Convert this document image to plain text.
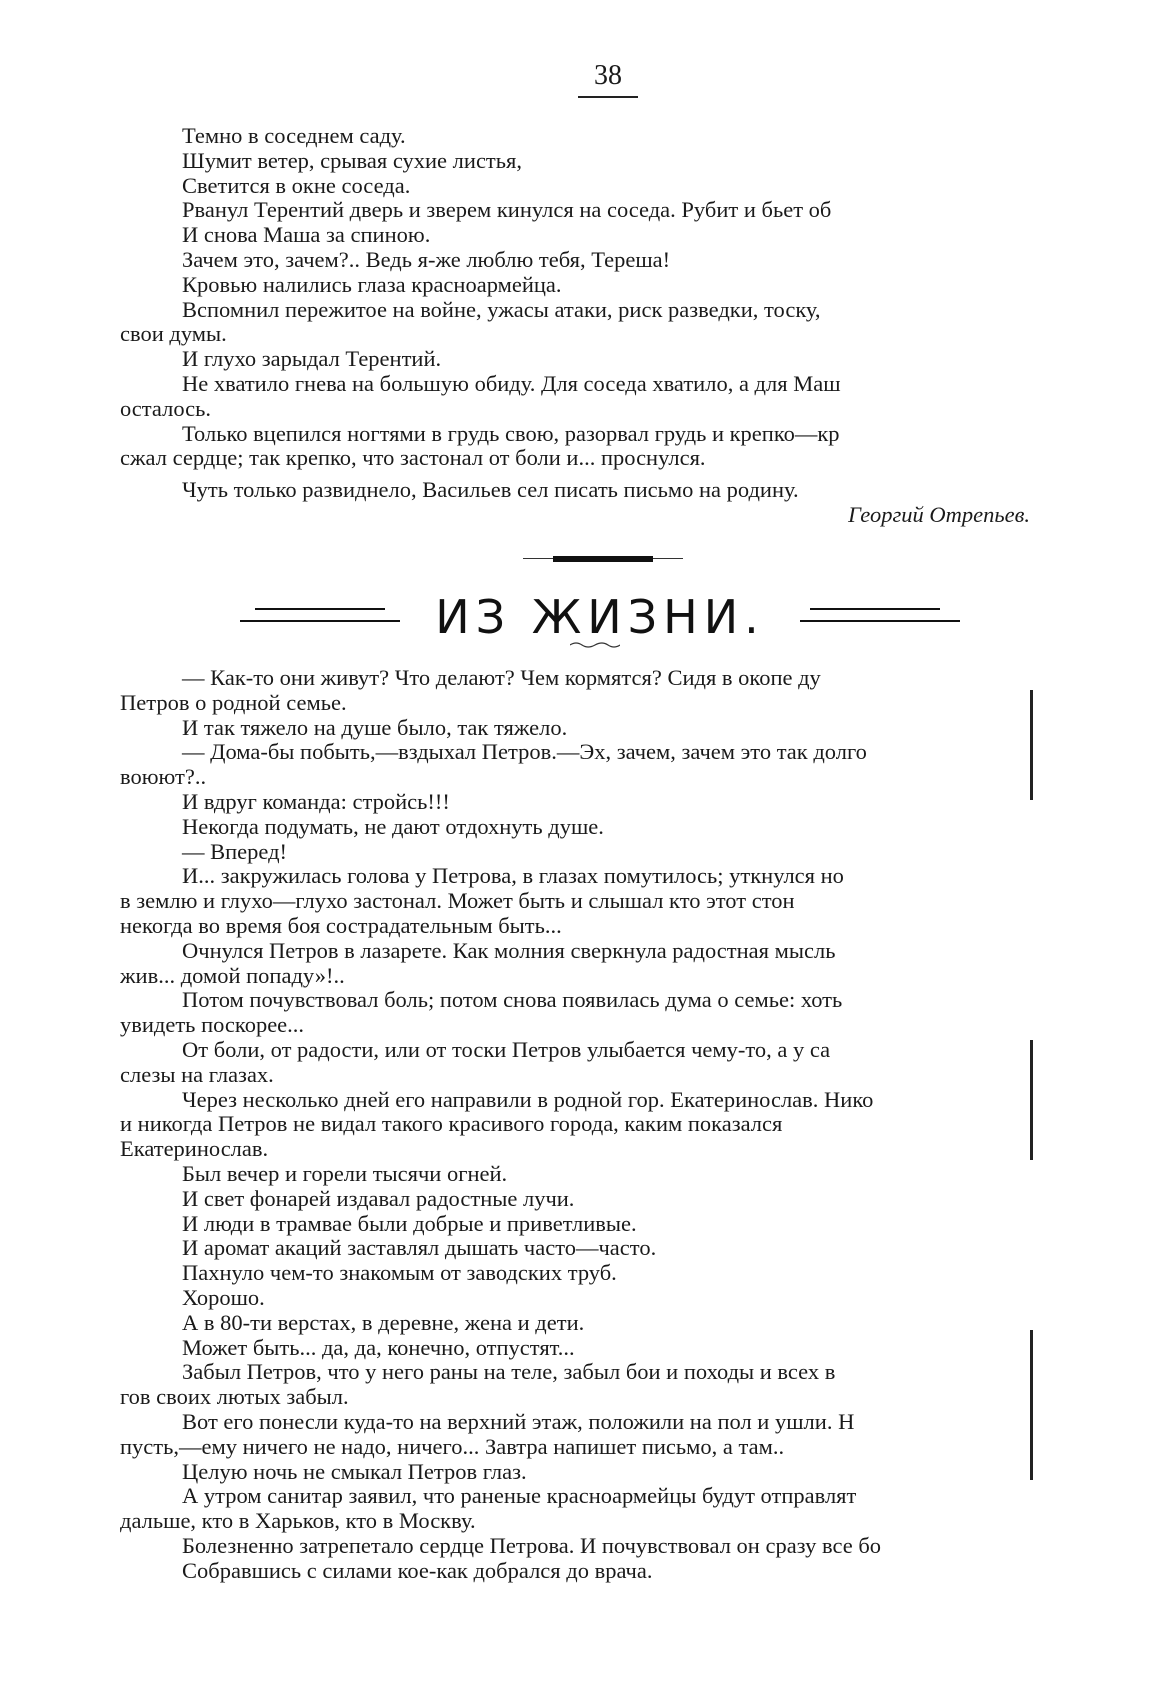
38

Темно в соседнем саду.

Шумит ветер, срывая сухие листья,

Светится в окне соседа.

Рванул Терентий дверь и зверем кинулся на соседа. Рубит и бьет об

И снова Маша за спиною.

Зачем это, зачем?.. Ведь я-же люблю тебя, Тереша!

Кровью налились глаза красноармейца.

Вспомнил пережитое на войне, ужасы атаки, риск разведки, тоску,

свои думы.

И глухо зарыдал Терентий.

Не хватило гнева на большую обиду. Для соседа хватило, а для Маш

осталось.

Только вцепился ногтями в грудь свою, разорвал грудь и крепко—кр

сжал сердце; так крепко, что застонал от боли и... проснулся.

Чуть только развиднело, Васильев сел писать письмо на родину.

Георгий Отрепьев.

ИЗ ЖИЗНИ.

— Как-то они живут? Что делают? Чем кормятся? Сидя в окопе ду

Петров о родной семье.

И так тяжело на душе было, так тяжело.

— Дома-бы побыть,—вздыхал Петров.—Эх, зачем, зачем это так долго

воюют?..

И вдруг команда: стройсь!!!

Некогда подумать, не дают отдохнуть душе.

— Вперед!

И... закружилась голова у Петрова, в глазах помутилось; уткнулся но

в землю и глухо—глухо застонал. Может быть и слышал кто этот стон

некогда во время боя сострадательным быть...

Очнулся Петров в лазарете. Как молния сверкнула радостная мысль

жив... домой попаду»!..

Потом почувствовал боль; потом снова появилась дума о семье: хоть

увидеть поскорее...

От боли, от радости, или от тоски Петров улыбается чему-то, а у са

слезы на глазах.

Через несколько дней его направили в родной гор. Екатеринослав. Нико

и никогда Петров не видал такого красивого города, каким показался

Екатеринослав.

Был вечер и горели тысячи огней.

И свет фонарей издавал радостные лучи.

И люди в трамвае были добрые и приветливые.

И аромат акаций заставлял дышать часто—часто.

Пахнуло чем-то знакомым от заводских труб.

Хорошо.

А в 80-ти верстах, в деревне, жена и дети.

Может быть... да, да, конечно, отпустят...

Забыл Петров, что у него раны на теле, забыл бои и походы и всех в

гов своих лютых забыл.

Вот его понесли куда-то на верхний этаж, положили на пол и ушли. Н

пусть,—ему ничего не надо, ничего... Завтра напишет письмо, а там..

Целую ночь не смыкал Петров глаз.

А утром санитар заявил, что раненые красноармейцы будут отправлят

дальше, кто в Харьков, кто в Москву.

Болезненно затрепетало сердце Петрова. И почувствовал он сразу все бо

Собравшись с силами кое-как добрался до врача.
